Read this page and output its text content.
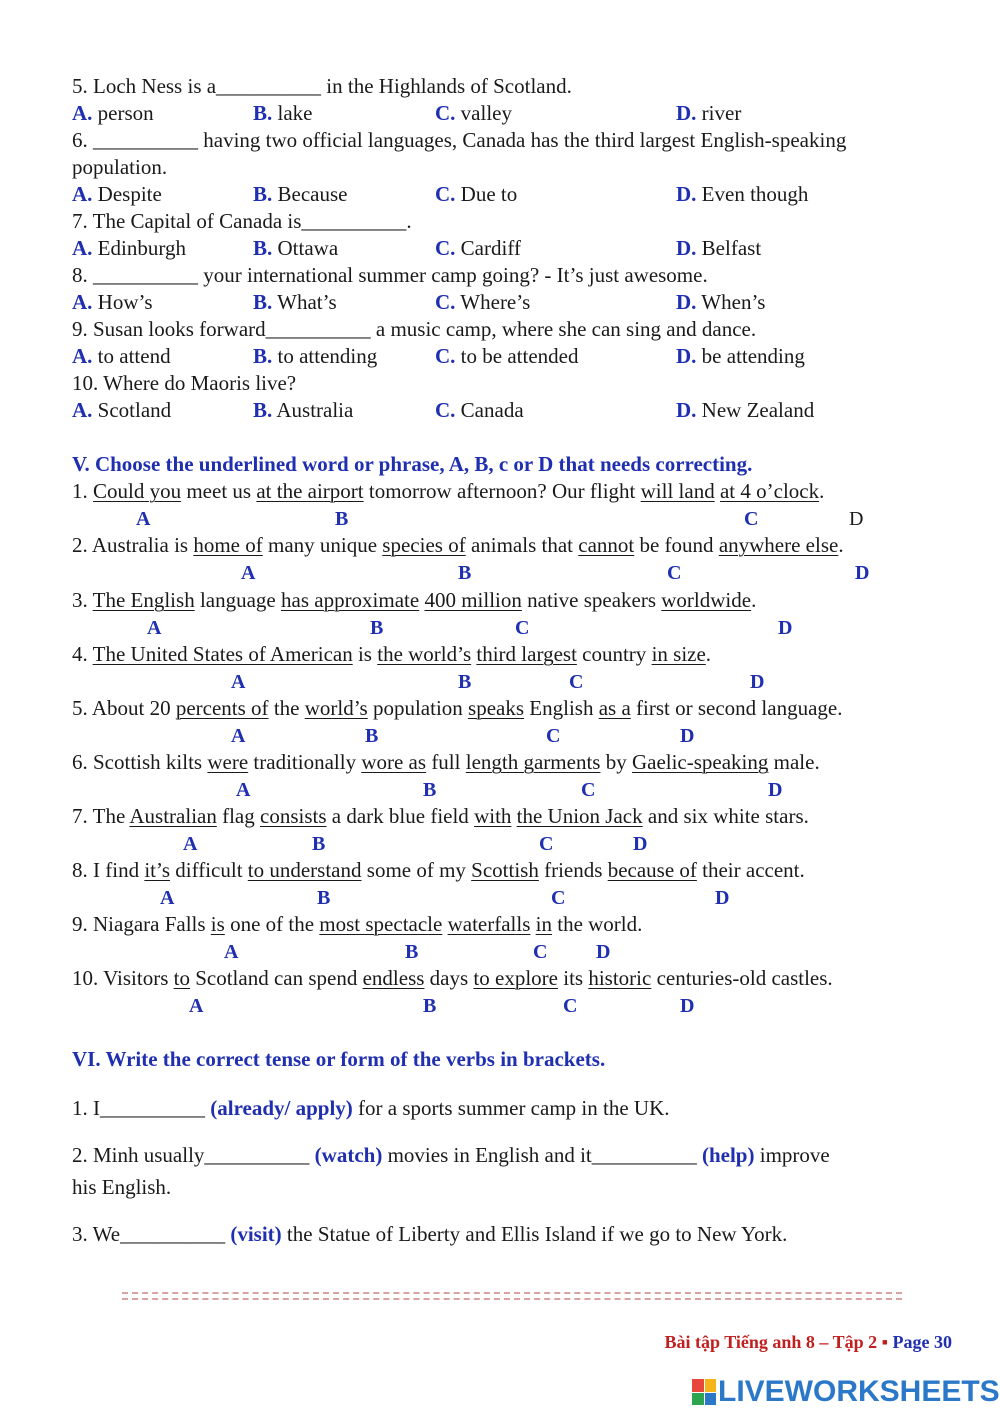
5. Loch Ness is a__________ in the Highlands of Scotland.
A. person	B. lake	C. valley	D. river
6. __________ having two official languages, Canada has the third largest English-speaking
population.
A. Despite	B. Because	C. Due to	D. Even though
7. The Capital of Canada is__________.
A. Edinburgh	B. Ottawa	C. Cardiff	D. Belfast
8. __________ your international summer camp going? - It’s just awesome.
A. How’s	B. What’s	C. Where’s	D. When’s
9. Susan looks forward__________ a music camp, where she can sing and dance.
A. to attend	B. to attending	C. to be attended	D. be attending
10. Where do Maoris live?
A. Scotland	B. Australia	C. Canada	D. New Zealand
V. Choose the underlined word or phrase, A, B, c or D that needs correcting.
1. Could you meet us at the airport tomorrow afternoon? Our flight will land at 4 o’clock.
A	B	C	D
2. Australia is home of many unique species of animals that cannot be found anywhere else.
A	B	C	D
3. The English language has approximate 400 million native speakers worldwide.
A	B	C	D
4. The United States of American is the world’s third largest country in size.
A	B	C	D
5. About 20 percents of the world’s population speaks English as a first or second language.
A	B	C	D
6. Scottish kilts were traditionally wore as full length garments by Gaelic-speaking male.
A	B	C	D
7. The Australian flag consists a dark blue field with the Union Jack and six white stars.
A	B	C	D
8. I find it’s difficult to understand some of my Scottish friends because of their accent.
A	B	C	D
9. Niagara Falls is one of the most spectacle waterfalls in the world.
A	B	C D
10. Visitors to Scotland can spend endless days to explore its historic centuries-old castles.
A	B	C	D
VI. Write the correct tense or form of the verbs in brackets.
1. I__________ (already/ apply) for a sports summer camp in the UK.
2. Minh usually__________ (watch) movies in English and it__________ (help) improve
his English.
3. We__________ (visit) the Statue of Liberty and Ellis Island if we go to New York.
Bài tập Tiếng anh 8 – Tập 2 ▪ Page 30
LIVEWORKSHEETS
